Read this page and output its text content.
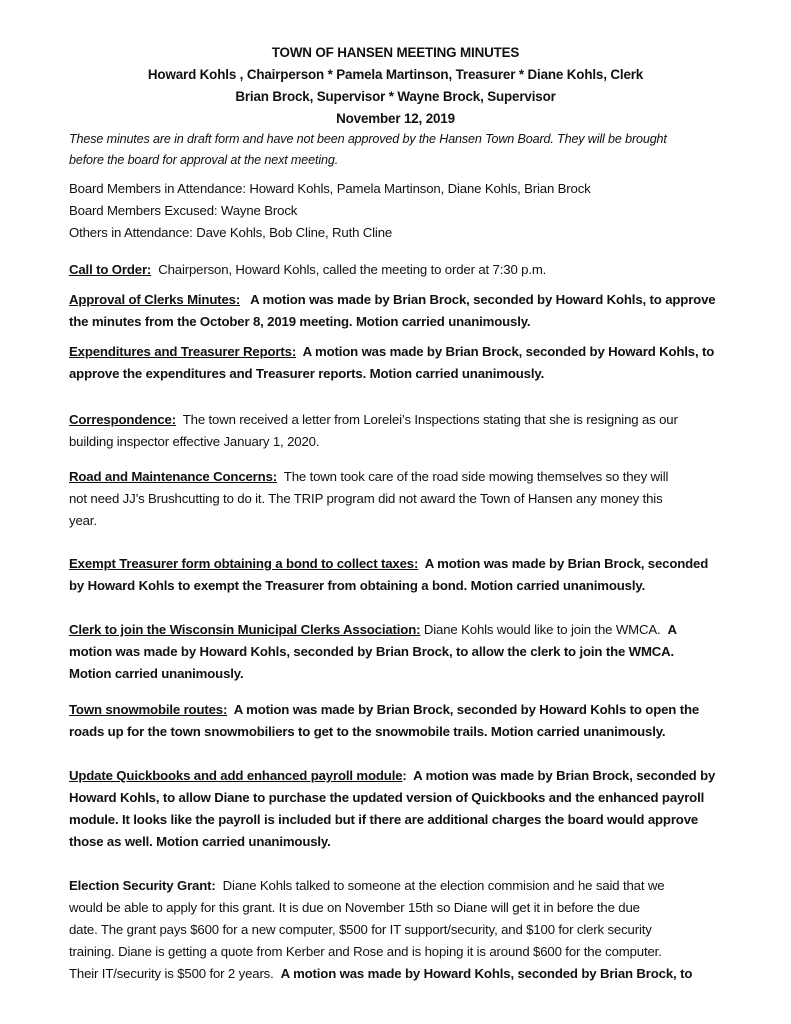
TOWN OF HANSEN MEETING MINUTES
Howard Kohls , Chairperson * Pamela Martinson, Treasurer * Diane Kohls, Clerk
Brian Brock, Supervisor * Wayne Brock, Supervisor
November 12, 2019
These minutes are in draft form and have not been approved by the Hansen Town Board. They will be brought
before the board for approval at the next meeting.
Board Members in Attendance: Howard Kohls, Pamela Martinson, Diane Kohls, Brian Brock
Board Members Excused: Wayne Brock
Others in Attendance: Dave Kohls, Bob Cline, Ruth Cline
Call to Order:  Chairperson, Howard Kohls, called the meeting to order at 7:30 p.m.
Approval of Clerks Minutes:   A motion was made by Brian Brock, seconded by Howard Kohls, to approve
the minutes from the October 8, 2019 meeting. Motion carried unanimously.
Expenditures and Treasurer Reports:  A motion was made by Brian Brock, seconded by Howard Kohls, to
approve the expenditures and Treasurer reports. Motion carried unanimously.
Correspondence:  The town received a letter from Lorelei’s Inspections stating that she is resigning as our
building inspector effective January 1, 2020.
Road and Maintenance Concerns:  The town took care of the road side mowing themselves so they will
not need JJ’s Brushcutting to do it. The TRIP program did not award the Town of Hansen any money this
year.
Exempt Treasurer form obtaining a bond to collect taxes:  A motion was made by Brian Brock, seconded
by Howard Kohls to exempt the Treasurer from obtaining a bond. Motion carried unanimously.
Clerk to join the Wisconsin Municipal Clerks Association: Diane Kohls would like to join the WMCA.  A
motion was made by Howard Kohls, seconded by Brian Brock, to allow the clerk to join the WMCA.
Motion carried unanimously.
Town snowmobile routes:  A motion was made by Brian Brock, seconded by Howard Kohls to open the
roads up for the town snowmobiliers to get to the snowmobile trails. Motion carried unanimously.
Update Quickbooks and add enhanced payroll module:  A motion was made by Brian Brock, seconded by
Howard Kohls, to allow Diane to purchase the updated version of Quickbooks and the enhanced payroll
module. It looks like the payroll is included but if there are additional charges the board would approve
those as well. Motion carried unanimously.
Election Security Grant:  Diane Kohls talked to someone at the election commision and he said that we
would be able to apply for this grant. It is due on November 15th so Diane will get it in before the due
date. The grant pays $600 for a new computer, $500 for IT support/security, and $100 for clerk security
training. Diane is getting a quote from Kerber and Rose and is hoping it is around $600 for the computer.
Their IT/security is $500 for 2 years.  A motion was made by Howard Kohls, seconded by Brian Brock, to
